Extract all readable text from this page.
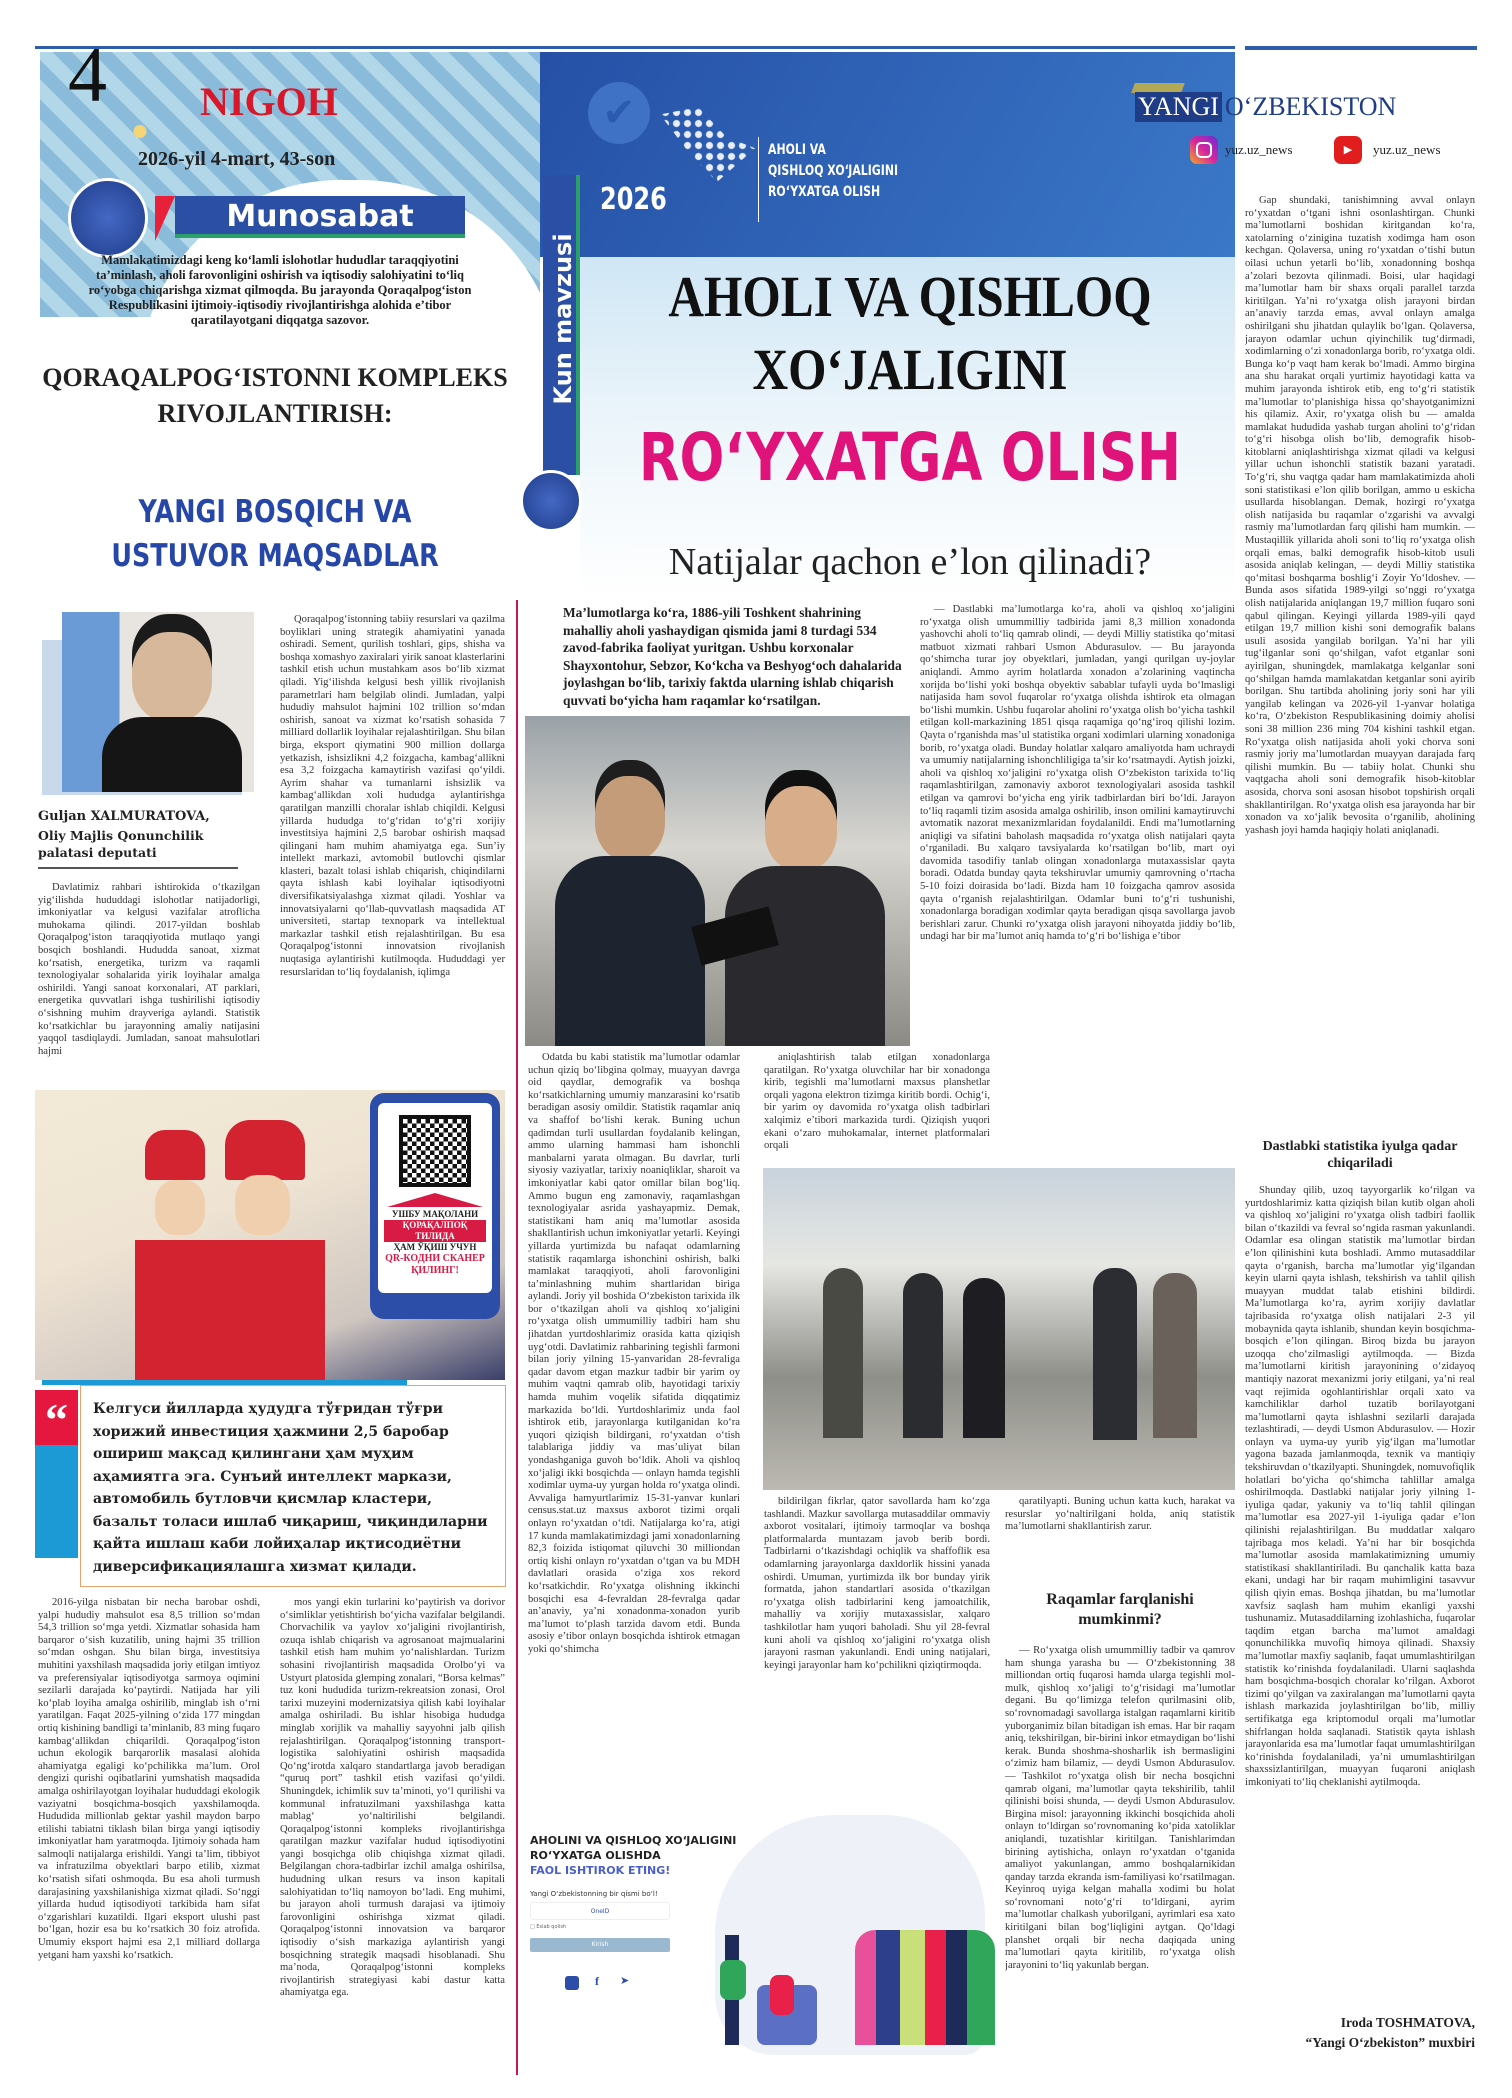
4 NIGOH
2026-yil 4-mart, 43-son
Munosabat
Mamlakatimizdagi keng ko‘lamli islohotlar hududlar taraqqiyotini ta’minlash, aholi farovonligini oshirish va iqtisodiy salohiyatini to‘liq ro‘yobga chiqarishga xizmat qilmoqda. Bu jarayonda Qoraqalpog‘iston Respublikasini ijtimoiy-iqtisodiy rivojlantirishga alohida e’tibor qaratilayotgani diqqatga sazovor.
QORAQALPOG‘ISTONNI KOMPLEKS RIVOJLANTIRISH:
YANGI BOSQICH VA USTUVOR MAQSADLAR
Guljan XALMURATOVA,
Oliy Majlis Qonunchilik palatasi deputati

Davlatimiz rahbari ishtirokida o‘tkazilgan yig‘ilishda hududdagi islohotlar natijadorligi, imkoniyatlar va kelgusi vazifalar atroflicha muhokama qilindi. 2017-yildan boshlab Qoraqalpog‘iston taraqqiyotida mutlaqo yangi bosqich boshlandi. Hududda sanoat, xizmat ko‘rsatish, energetika, turizm va raqamli texnologiyalar sohalarida yirik loyihalar amalga oshirildi. Yangi sanoat korxonalari, AT parklari, energetika quvvatlari ishga tushirilishi iqtisodiy o‘sishning muhim drayveriga aylandi. Statistik ko‘rsatkichlar bu jarayonning amaliy natijasini yaqqol tasdiqlaydi. Jumladan, sanoat mahsulotlari hajmi

Qoraqalpog‘istonning tabiiy resurslari va qazilma boyliklari uning strategik ahamiyatini yanada oshiradi. Sement, qurilish toshlari, gips, shisha va boshqa xomashyo zaxiralari yirik sanoat klasterlarini tashkil etish uchun mustahkam asos bo‘lib xizmat qiladi. Yig‘ilishda kelgusi besh yillik rivojlanish parametrlari ham belgilab olindi. Jumladan, yalpi hududiy mahsulot hajmini 102 trillion so‘mdan oshirish, sanoat va xizmat ko‘rsatish sohasida 7 milliard dollarlik loyihalar rejalashtirilgan. Shu bilan birga, eksport qiymatini 900 million dollarga yetkazish, ishsizlikni 4,2 foizgacha, kambag‘allikni esa 3,2 foizgacha kamaytirish vazifasi qo‘yildi. Ayrim shahar va tumanlarni ishsizlik va kambag‘allikdan xoli hududga aylantirishga qaratilgan manzilli choralar ishlab chiqildi. Kelgusi yillarda hududga to‘g‘ridan to‘g‘ri xorijiy investitsiya hajmini 2,5 barobar oshirish maqsad qilingani ham muhim ahamiyatga ega. Sun’iy intellekt markazi, avtomobil butlovchi qismlar klasteri, bazalt tolasi ishlab chiqarish, chiqindilarni qayta ishlash kabi loyihalar iqtisodiyotni diversifikatsiyalashga xizmat qiladi. Yoshlar va innovatsiyalarni qo‘llab-quvvatlash maqsadida AT universiteti, startap texnopark va intellektual markazlar tashkil etish rejalashtirilgan. Bu esa Qoraqalpog‘istonni innovatsion rivojlanish nuqtasiga aylantirishi kutilmoqda. Hududdagi yer resurslaridan to‘liq foydalanish, iqlimga

УШБУ МАҚОЛАНИ
ҚОРАҚАЛПОҚ ТИЛИДА
ҲАМ ЎҚИШ УЧУН
QR-КОДНИ СКАНЕР ҚИЛИНГ!
“	Келгуси йилларда ҳудудга тўғридан тўғри хорижий инвестиция ҳажмини 2,5 баробар ошириш мақсад қилингани ҳам муҳим аҳамиятга эга. Сунъий интеллект маркази, автомобиль бутловчи қисмлар кластери, базальт толаси ишлаб чиқариш, чиқиндиларни қайта ишлаш каби лойиҳалар иқтисодиётни диверсификациялашга хизмат қилади.

2016-yilga nisbatan bir necha barobar oshdi, yalpi hududiy mahsulot esa 8,5 trillion so‘mdan 54,3 trillion so‘mga yetdi. Xizmatlar sohasida ham barqaror o‘sish kuzatilib, uning hajmi 35 trillion so‘mdan oshgan. Shu bilan birga, investitsiya muhitini yaxshilash maqsadida joriy etilgan imtiyoz va preferensiyalar iqtisodiyotga sarmoya oqimini sezilarli darajada ko‘paytirdi. Natijada har yili ko‘plab loyiha amalga oshirilib, minglab ish o‘rni yaratilgan. Faqat 2025-yilning o‘zida 177 mingdan ortiq kishining bandligi ta’minlanib, 83 ming fuqaro kambag‘allikdan chiqarildi. Qoraqalpog‘iston uchun ekologik barqarorlik masalasi alohida ahamiyatga egaligi ko‘pchilikka ma’lum. Orol dengizi qurishi oqibatlarini yumshatish maqsadida amalga oshirilayotgan loyihalar hududdagi ekologik vaziyatni bosqichma-bosqich yaxshilamoqda. Hududida millionlab gektar yashil maydon barpo etilishi tabiatni tiklash bilan birga yangi iqtisodiy imkoniyatlar ham yaratmoqda. Ijtimoiy sohada ham salmoqli natijalarga erishildi. Yangi ta’lim, tibbiyot va infratuzilma obyektlari barpo etilib, xizmat ko‘rsatish sifati oshmoqda. Bu esa aholi turmush darajasining yaxshilanishiga xizmat qiladi. So‘nggi yillarda hudud iqtisodiyoti tarkibida ham sifat o‘zgarishlari kuzatildi. Ilgari eksport ulushi past bo‘lgan, hozir esa bu ko‘rsatkich 30 foiz atrofida. Umumiy eksport hajmi esa 2,1 milliard dollarga yetgani ham yaxshi ko‘rsatkich.

mos yangi ekin turlarini ko‘paytirish va dorivor o‘simliklar yetishtirish bo‘yicha vazifalar belgilandi. Chorvachilik va yaylov xo‘jaligini rivojlantirish, ozuqa ishlab chiqarish va agrosanoat majmualarini tashkil etish ham muhim yo‘nalishlardan. Turizm sohasini rivojlantirish maqsadida Orolbo‘yi va Ustyurt platosida glemping zonalari, “Borsa kelmas” tuz koni hududida turizm-rekreatsion zonasi, Orol tarixi muzeyini modernizatsiya qilish kabi loyihalar amalga oshiriladi. Bu ishlar hisobiga hududga minglab xorijlik va mahalliy sayyohni jalb qilish rejalashtirilgan. Qoraqalpog‘istonning transport-logistika salohiyatini oshirish maqsadida Qo‘ng‘irotda xalqaro standartlarga javob beradigan “quruq port” tashkil etish vazifasi qo‘yildi. Shuningdek, ichimlik suv ta’minoti, yo‘l qurilishi va kommunal infratuzilmani yaxshilashga katta mablag‘ yo‘naltirilishi belgilandi. Qoraqalpog‘istonni kompleks rivojlantirishga qaratilgan mazkur vazifalar hudud iqtisodiyotini yangi bosqichga olib chiqishga xizmat qiladi. Belgilangan chora-tadbirlar izchil amalga oshirilsa, hududning ulkan resurs va inson kapitali salohiyatidan to‘liq namoyon bo‘ladi. Eng muhimi, bu jarayon aholi turmush darajasi va ijtimoiy farovonligini oshirishga xizmat qiladi. Qoraqalpog‘istonni innovatsion va barqaror iqtisodiy o‘sish markaziga aylantirish yangi bosqichning strategik maqsadi hisoblanadi. Shu ma’noda, Qoraqalpog‘istonni kompleks rivojlantirish strategiyasi kabi dastur katta ahamiyatga ega.

✔
2026
AHOLI VA
QISHLOQ XO‘JALIGINI
RO‘YXATGA OLISH
Kun mavzusi	AHOLI VA QISHLOQ
XO‘JALIGINI
RO‘YXATGA OLISH
Natijalar qachon e’lon qilinadi?
Ma’lumotlarga ko‘ra, 1886-yili Toshkent shahrining mahalliy aholi yashaydigan qismida jami 8 turdagi 534 zavod-fabrika faoliyat yuritgan. Ushbu korxonalar Shayxontohur, Sebzor, Ko‘kcha va Beshyog‘och dahalarida joylashgan bo‘lib, tarixiy faktda ularning ishlab chiqarish quvvati bo‘yicha ham raqamlar ko‘rsatilgan.

Odatda bu kabi statistik ma’lumotlar odamlar uchun qiziq bo‘libgina qolmay, muayyan davrga oid qaydlar, demografik va boshqa ko‘rsatkichlarning umumiy manzarasini ko‘rsatib beradigan asosiy omildir. Statistik raqamlar aniq va shaffof bo‘lishi kerak. Buning uchun qadimdan turli usullardan foydalanib kelingan, ammo ularning hammasi ham ishonchli manbalarni yarata olmagan. Bu davrlar, turli siyosiy vaziyatlar, tarixiy noaniqliklar, sharoit va imkoniyatlar kabi qator omillar bilan bog‘liq. Ammo bugun eng zamonaviy, raqamlashgan texnologiyalar asrida yashayapmiz. Demak, statistikani ham aniq ma’lumotlar asosida shakllantirish uchun imkoniyatlar yetarli. Keyingi yillarda yurtimizda bu nafaqat odamlarning statistik raqamlarga ishonchini oshirish, balki mamlakat taraqqiyoti, aholi farovonligini ta’minlashning muhim shartlaridan biriga aylandi. Joriy yil boshida O‘zbekiston tarixida ilk bor o‘tkazilgan aholi va qishloq xo‘jaligini ro‘yxatga olish ummumilliy tadbiri ham shu jihatdan yurtdoshlarimiz orasida katta qiziqish uyg‘otdi. Davlatimiz rahbarining tegishli farmoni bilan joriy yilning 15-yanvaridan 28-fevraliga qadar davom etgan mazkur tadbir bir yarim oy muhim vaqtni qamrab olib, hayotidagi tarixiy hamda muhim voqelik sifatida diqqatimiz markazida bo‘ldi. Yurtdoshlarimiz unda faol ishtirok etib, jarayonlarga kutilganidan ko‘ra yuqori qiziqish bildirgani, ro‘yxatdan o‘tish talablariga jiddiy va mas’uliyat bilan yondashganiga guvoh bo‘ldik. Aholi va qishloq xo‘jaligi ikki bosqichda — onlayn hamda tegishli xodimlar uyma-uy yurgan holda ro‘yxatga olindi. Avvaliga hamyurtlarimiz 15-31-yanvar kunlari census.stat.uz maxsus axborot tizimi orqali onlayn ro‘yxatdan o‘tdi. Natijalarga ko‘ra, atigi 17 kunda mamlakatimizdagi jami xonadonlarning 82,3 foizida istiqomat qiluvchi 30 milliondan ortiq kishi onlayn ro‘yxatdan o‘tgan va bu MDH davlatlari orasida o‘ziga xos rekord ko‘rsatkichdir. Ro‘yxatga olishning ikkinchi bosqichi esa 4-fevraldan 28-fevralga qadar an’anaviy, ya’ni xonadonma-xonadon yurib ma’lumot to‘plash tarzida davom etdi. Bunda asosiy e’tibor onlayn bosqichda ishtirok etmagan yoki qo‘shimcha

aniqlashtirish talab etilgan xonadonlarga qaratilgan. Ro‘yxatga oluvchilar har bir xonadonga kirib, tegishli ma’lumotlarni maxsus planshetlar orqali yagona elektron tizimga kiritib bordi. Ochig‘i, bir yarim oy davomida ro‘yxatga olish tadbirlari xalqimiz e’tibori markazida turdi. Qiziqish yuqori ekani o‘zaro muhokamalar, internet platformalari orqali

— Dastlabki ma’lumotlarga ko‘ra, aholi va qishloq xo‘jaligini ro‘yxatga olish umummilliy tadbirida jami 8,3 million xonadonda yashovchi aholi to‘liq qamrab olindi, — deydi Milliy statistika qo‘mitasi matbuot xizmati rahbari Usmon Abdurasulov. — Bu jarayonda qo‘shimcha turar joy obyektlari, jumladan, yangi qurilgan uy-joylar aniqlandi. Ammo ayrim holatlarda xonadon a’zolarining vaqtincha xorijda bo‘lishi yoki boshqa obyektiv sabablar tufayli uyda bo‘lmasligi natijasida ham sovol fuqarolar ro‘yxatga olishda ishtirok eta olmagan bo‘lishi mumkin. Ushbu fuqarolar aholini ro‘yxatga olish bo‘yicha tashkil etilgan koll-markazining 1851 qisqa raqamiga qo‘ng‘iroq qilishi lozim. Qayta o‘rganishda mas’ul statistika organi xodimlari ularning xonadoniga borib, ro‘yxatga oladi. Bunday holatlar xalqaro amaliyotda ham uchraydi va umumiy natijalarning ishonchliligiga ta’sir ko‘rsatmaydi. Aytish joizki, aholi va qishloq xo‘jaligini ro‘yxatga olish O‘zbekiston tarixida to‘liq raqamlashtirilgan, zamonaviy axborot texnologiyalari asosida tashkil etilgan va qamrovi bo‘yicha eng yirik tadbirlardan biri bo‘ldi. Jarayon to‘liq raqamli tizim asosida amalga oshirilib, inson omilini kamaytiruvchi avtomatik nazorat mexanizmlaridan foydalanildi. Endi ma’lumotlarning aniqligi va sifatini baholash maqsadida ro‘yxatga olish natijalari qayta o‘rganiladi. Bu xalqaro tavsiyalarda ko‘rsatilgan bo‘lib, mart oyi davomida tasodifiy tanlab olingan xonadonlarga mutaxassislar qayta boradi. Odatda bunday qayta tekshiruvlar umumiy qamrovning o‘rtacha 5-10 foizi doirasida bo‘ladi. Bizda ham 10 foizgacha qamrov asosida qayta o‘rganish rejalashtirilgan. Odamlar buni to‘g‘ri tushunishi, xonadonlarga boradigan xodimlar qayta beradigan qisqa savollarga javob berishlari zarur. Chunki ro‘yxatga olish jarayoni nihoyatda jiddiy bo‘lib, undagi har bir ma’lumot aniq hamda to‘g‘ri bo‘lishiga e’tibor

bildirilgan fikrlar, qator savollarda ham ko‘zga tashlandi. Mazkur savollarga mutasaddilar ommaviy axborot vositalari, ijtimoiy tarmoqlar va boshqa platformalarda muntazam javob berib bordi. Tadbirlarni o‘tkazishdagi ochiqlik va shaffoflik esa odamlarning jarayonlarga daxldorlik hissini yanada oshirdi. Umuman, yurtimizda ilk bor bunday yirik formatda, jahon standartlari asosida o‘tkazilgan ro‘yxatga olish tadbirlarini keng jamoatchilik, mahalliy va xorijiy mutaxassislar, xalqaro tashkilotlar ham yuqori baholadi. Shu yil 28-fevral kuni aholi va qishloq xo‘jaligini ro‘yxatga olish jarayoni rasman yakunlandi. Endi uning natijalari, keyingi jarayonlar ham ko‘pchilikni qiziqtirmoqda.

qaratilyapti. Buning uchun katta kuch, harakat va resurslar yo‘naltirilgani holda, aniq statistik ma’lumotlarni shakllantirish zarur.

Raqamlar farqlanishi mumkinmi?

— Ro‘yxatga olish umummilliy tadbir va qamrov ham shunga yarasha bu — O‘zbekistonning 38 milliondan ortiq fuqarosi hamda ularga tegishli mol-mulk, qishloq xo‘jaligi to‘g‘risidagi ma’lumotlar degani. Bu qo‘limizga telefon qurilmasini olib, so‘rovnomadagi savollarga istalgan raqamlarni kiritib yuborganimiz bilan bitadigan ish emas. Har bir raqam aniq, tekshirilgan, bir-birini inkor etmaydigan bo‘lishi kerak. Bunda shoshma-shosharlik ish bermasligini o‘zimiz ham bilamiz, — deydi Usmon Abdurasulov. — Tashkilot ro‘yxatga olish bir necha bosqichni qamrab olgani, ma’lumotlar qayta tekshirilib, tahlil qilinishi boisi shunda, — deydi Usmon Abdurasulov. Birgina misol: jarayonning ikkinchi bosqichida aholi onlayn to‘ldirgan so‘rovnomaning ko‘pida xatoliklar aniqlandi, tuzatishlar kiritilgan. Tanishlarimdan birining aytishicha, onlayn ro‘yxatdan o‘tganida amaliyot yakunlangan, ammo boshqalarnikidan qanday tarzda ekranda ism-familiyasi ko‘rsatilmagan. Keyinroq uyiga kelgan mahalla xodimi bu holat so‘rovnomani noto‘g‘ri to‘ldirgani, ayrim ma’lumotlar chalkash yuborilgani, ayrimlari esa xato kiritilgani bilan bog‘liqligini aytgan. Qo‘ldagi planshet orqali bir necha daqiqada uning ma’lumotlari qayta kiritilib, ro‘yxatga olish jarayonini to‘liq yakunlab bergan.

AHOLINI VA QISHLOQ XO‘JALIGINI
RO‘YXATGA OLISHDA
FAOL ISHTIROK ETING!
Yangi O‘zbekistonning bir qismi bo‘l!
OneID
□ Eslab qolish
Kirish
f ➤
YANGI O‘ZBEKISTON
yuz.uz_news	▶	yuz.uz_news

Gap shundaki, tanishimning avval onlayn ro‘yxatdan o‘tgani ishni osonlashtirgan. Chunki ma’lumotlarni boshidan kiritgandan ko‘ra, xatolarning o‘zinigina tuzatish xodimga ham oson kechgan. Qolaversa, uning ro‘yxatdan o‘tishi butun oilasi uchun yetarli bo‘lib, xonadonning boshqa a’zolari bezovta qilinmadi. Boisi, ular haqidagi ma’lumotlar ham bir shaxs orqali parallel tarzda kiritilgan. Ya’ni ro‘yxatga olish jarayoni birdan an’anaviy tarzda emas, avval onlayn amalga oshirilgani shu jihatdan qulaylik bo‘lgan. Qolaversa, jarayon odamlar uchun qiyinchilik tug‘dirmadi, xodimlarning o‘zi xonadonlarga borib, ro‘yxatga oldi. Bunga ko‘p vaqt ham kerak bo‘lmadi. Ammo birgina ana shu harakat orqali yurtimiz hayotidagi katta va muhim jarayonda ishtirok etib, eng to‘g‘ri statistik ma’lumotlar to‘planishiga hissa qo‘shayotganimizni his qilamiz. Axir, ro‘yxatga olish bu — amalda mamlakat hududida yashab turgan aholini to‘g‘ridan to‘g‘ri hisobga olish bo‘lib, demografik hisob-kitoblarni aniqlashtirishga xizmat qiladi va kelgusi yillar uchun ishonchli statistik bazani yaratadi. To‘g‘ri, shu vaqtga qadar ham mamlakatimizda aholi soni statistikasi e’lon qilib borilgan, ammo u eskicha usullarda hisoblangan. Demak, hozirgi ro‘yxatga olish natijasida bu raqamlar o‘zgarishi va avvalgi rasmiy ma’lumotlardan farq qilishi ham mumkin. — Mustaqillik yillarida aholi soni to‘liq ro‘yxatga olish orqali emas, balki demografik hisob-kitob usuli asosida aniqlab kelingan, — deydi Milliy statistika qo‘mitasi boshqarma boshlig‘i Zoyir Yo‘ldoshev. — Bunda asos sifatida 1989-yilgi so‘nggi ro‘yxatga olish natijalarida aniqlangan 19,7 million fuqaro soni qabul qilingan. Keyingi yillarda 1989-yili qayd etilgan 19,7 million kishi soni demografik balans usuli asosida yangilab borilgan. Ya’ni har yili tug‘ilganlar soni qo‘shilgan, vafot etganlar soni ayirilgan, shuningdek, mamlakatga kelganlar soni qo‘shilgan hamda mamlakatdan ketganlar soni ayirib borilgan. Shu tartibda aholining joriy soni har yili yangilab kelingan va 2026-yil 1-yanvar holatiga ko‘ra, O‘zbekiston Respublikasining doimiy aholisi soni 38 million 236 ming 704 kishini tashkil etgan. Ro‘yxatga olish natijasida aholi yoki chorva soni rasmiy joriy ma’lumotlardan muayyan darajada farq qilishi mumkin. Bu — tabiiy holat. Chunki shu vaqtgacha aholi soni demografik hisob-kitoblar asosida, chorva soni asosan hisobot topshirish orqali shakllantirilgan. Ro‘yxatga olish esa jarayonda har bir xonadon va xo‘jalik bevosita o‘rganilib, aholining yashash joyi hamda haqiqiy holati aniqlanadi.

Dastlabki statistika iyulga qadar chiqariladi

Shunday qilib, uzoq tayyorgarlik ko‘rilgan va yurtdoshlarimiz katta qiziqish bilan kutib olgan aholi va qishloq xo‘jaligini ro‘yxatga olish tadbiri faollik bilan o‘tkazildi va fevral so‘ngida rasman yakunlandi. Odamlar esa olingan statistik ma’lumotlar birdan e’lon qilinishini kuta boshladi. Ammo mutasaddilar qayta o‘rganish, barcha ma’lumotlar yig‘ilgandan keyin ularni qayta ishlash, tekshirish va tahlil qilish muayyan muddat talab etishini bildirdi. Ma’lumotlarga ko‘ra, ayrim xorijiy davlatlar tajribasida ro‘yxatga olish natijalari 2-3 yil mobaynida qayta ishlanib, shundan keyin bosqichma-bosqich e’lon qilingan. Biroq bizda bu jarayon uzoqqa cho‘zilmasligi aytilmoqda. — Bizda ma’lumotlarni kiritish jarayonining o‘zidayoq mantiqiy nazorat mexanizmi joriy etilgani, ya’ni real vaqt rejimida ogohlantirishlar orqali xato va kamchiliklar darhol tuzatib borilayotgani ma’lumotlarni qayta ishlashni sezilarli darajada tezlashtiradi, — deydi Usmon Abdurasulov. — Hozir onlayn va uyma-uy yurib yig‘ilgan ma’lumotlar yagona bazada jamlanmoqda, texnik va mantiqiy tekshiruvdan o‘tkazilyapti. Shuningdek, nomuvofiqlik holatlari bo‘yicha qo‘shimcha tahlillar amalga oshirilmoqda. Dastlabki natijalar joriy yilning 1-iyuliga qadar, yakuniy va to‘liq tahlil qilingan ma’lumotlar esa 2027-yil 1-iyuliga qadar e’lon qilinishi rejalashtirilgan. Bu muddatlar xalqaro tajribaga mos keladi. Ya’ni har bir bosqichda ma’lumotlar asosida mamlakatimizning umumiy statistikasi shakllantiriladi. Bu qanchalik katta baza ekani, undagi har bir raqam muhimligini tasavvur qilish qiyin emas. Boshqa jihatdan, bu ma’lumotlar xavfsiz saqlash ham muhim ekanligi yaxshi tushunamiz. Mutasaddilarning izohlashicha, fuqarolar taqdim etgan barcha ma’lumot amaldagi qonunchilikka muvofiq himoya qilinadi. Shaxsiy ma’lumotlar maxfiy saqlanib, faqat umumlashtirilgan statistik ko‘rinishda foydalaniladi. Ularni saqlashda ham bosqichma-bosqich choralar ko‘rilgan. Axborot tizimi qo‘yilgan va zaxiralangan ma’lumotlarni qayta ishlash markazida joylashtirilgan bo‘lib, milliy sertifikatga ega kriptomodul orqali ma’lumotlar shifrlangan holda saqlanadi. Statistik qayta ishlash jarayonlarida esa ma’lumotlar faqat umumlashtirilgan ko‘rinishda foydalaniladi, ya’ni umumlashtirilgan shaxssizlantirilgan, muayyan fuqaroni aniqlash imkoniyati to‘liq cheklanishi aytilmoqda.

Iroda TOSHMATOVA,
“Yangi O‘zbekiston” muxbiri
